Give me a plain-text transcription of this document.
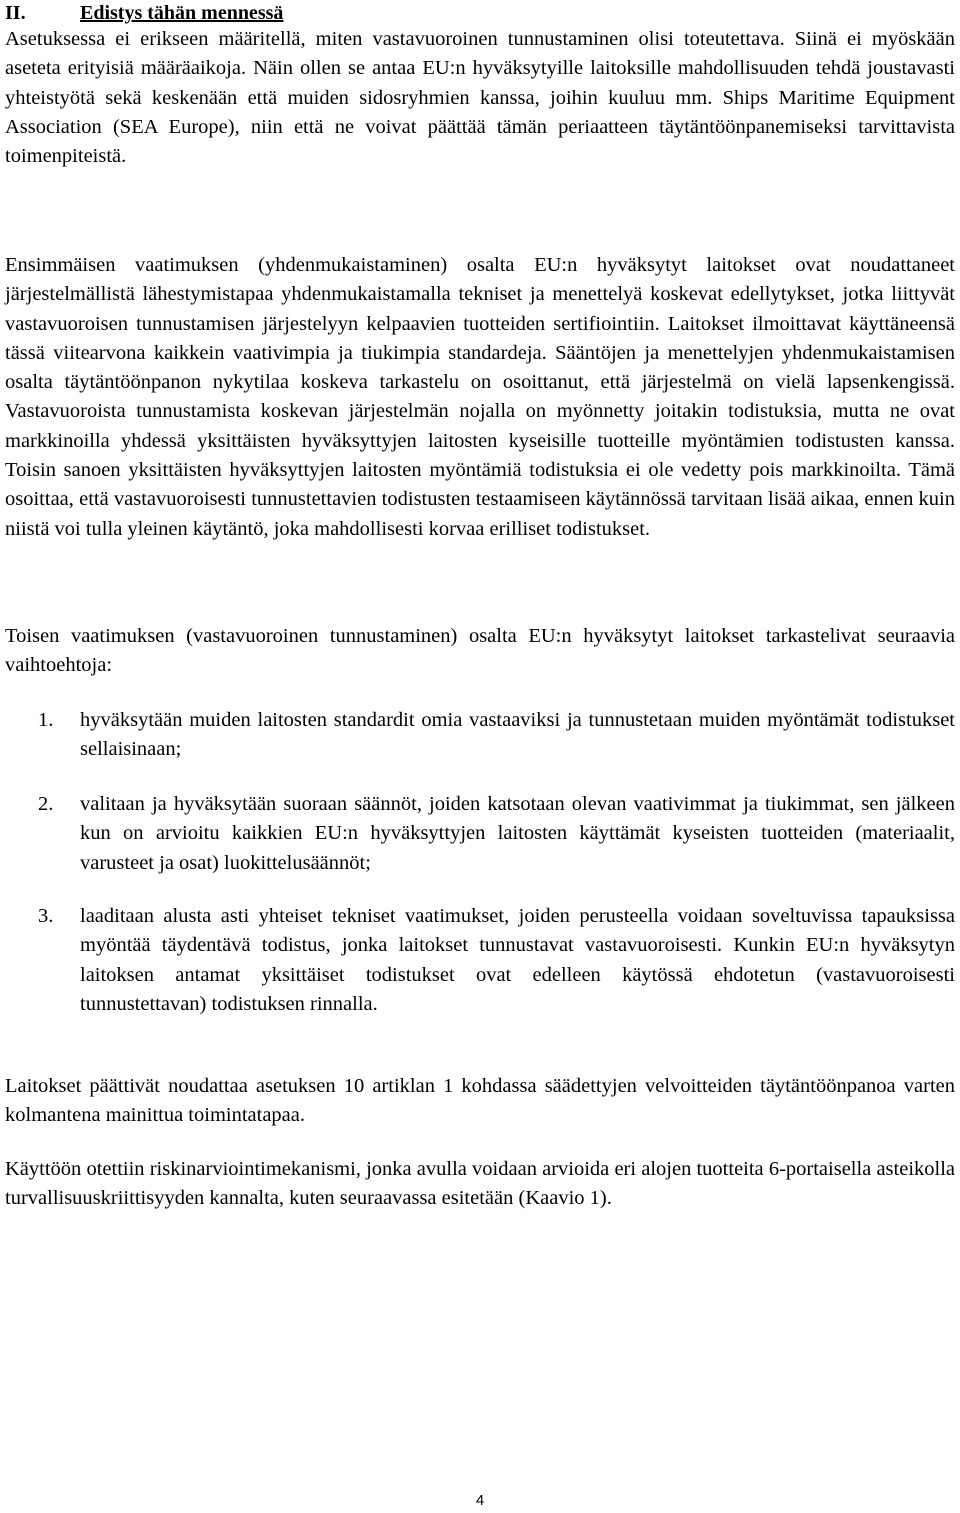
II.	Edistys tähän mennessä

Asetuksessa ei erikseen määritellä, miten vastavuoroinen tunnustaminen olisi toteutettava. Siinä ei myöskään aseteta erityisiä määräaikoja. Näin ollen se antaa EU:n hyväksytyille laitoksille mahdollisuuden tehdä joustavasti yhteistyötä sekä keskenään että muiden sidosryhmien kanssa, joihin kuuluu mm. Ships Maritime Equipment Association (SEA Europe), niin että ne voivat päättää tämän periaatteen täytäntöönpanemiseksi tarvittavista toimenpiteistä.

Ensimmäisen vaatimuksen (yhdenmukaistaminen) osalta EU:n hyväksytyt laitokset ovat noudattaneet järjestelmällistä lähestymistapaa yhdenmukaistamalla tekniset ja menettelyä koskevat edellytykset, jotka liittyvät vastavuoroisen tunnustamisen järjestelyyn kelpaavien tuotteiden sertifiointiin. Laitokset ilmoittavat käyttäneensä tässä viitearvona kaikkein vaativimpia ja tiukimpia standardeja. Sääntöjen ja menettelyjen yhdenmukaistamisen osalta täytäntöönpanon nykytilaa koskeva tarkastelu on osoittanut, että järjestelmä on vielä lapsenkengissä. Vastavuoroista tunnustamista koskevan järjestelmän nojalla on myönnetty joitakin todistuksia, mutta ne ovat markkinoilla yhdessä yksittäisten hyväksyttyjen laitosten kyseisille tuotteille myöntämien todistusten kanssa. Toisin sanoen yksittäisten hyväksyttyjen laitosten myöntämiä todistuksia ei ole vedetty pois markkinoilta. Tämä osoittaa, että vastavuoroisesti tunnustettavien todistusten testaamiseen käytännössä tarvitaan lisää aikaa, ennen kuin niistä voi tulla yleinen käytäntö, joka mahdollisesti korvaa erilliset todistukset.

Toisen vaatimuksen (vastavuoroinen tunnustaminen) osalta EU:n hyväksytyt laitokset tarkastelivat seuraavia vaihtoehtoja:

1.	hyväksytään muiden laitosten standardit omia vastaaviksi ja tunnustetaan muiden myöntämät todistukset sellaisinaan;

2.	valitaan ja hyväksytään suoraan säännöt, joiden katsotaan olevan vaativimmat ja tiukimmat, sen jälkeen kun on arvioitu kaikkien EU:n hyväksyttyjen laitosten käyttämät kyseisten tuotteiden (materiaalit, varusteet ja osat) luokittelusäännöt;

3.	laaditaan alusta asti yhteiset tekniset vaatimukset, joiden perusteella voidaan soveltuvissa tapauksissa myöntää täydentävä todistus, jonka laitokset tunnustavat vastavuoroisesti. Kunkin EU:n hyväksytyn laitoksen antamat yksittäiset todistukset ovat edelleen käytössä ehdotetun (vastavuoroisesti tunnustettavan) todistuksen rinnalla.

Laitokset päättivät noudattaa asetuksen 10 artiklan 1 kohdassa säädettyjen velvoitteiden täytäntöönpanoa varten kolmantena mainittua toimintatapaa.

Käyttöön otettiin riskinarviointimekanismi, jonka avulla voidaan arvioida eri alojen tuotteita 6-portaisella asteikolla turvallisuuskriittisyyden kannalta, kuten seuraavassa esitetään (Kaavio 1).

4
